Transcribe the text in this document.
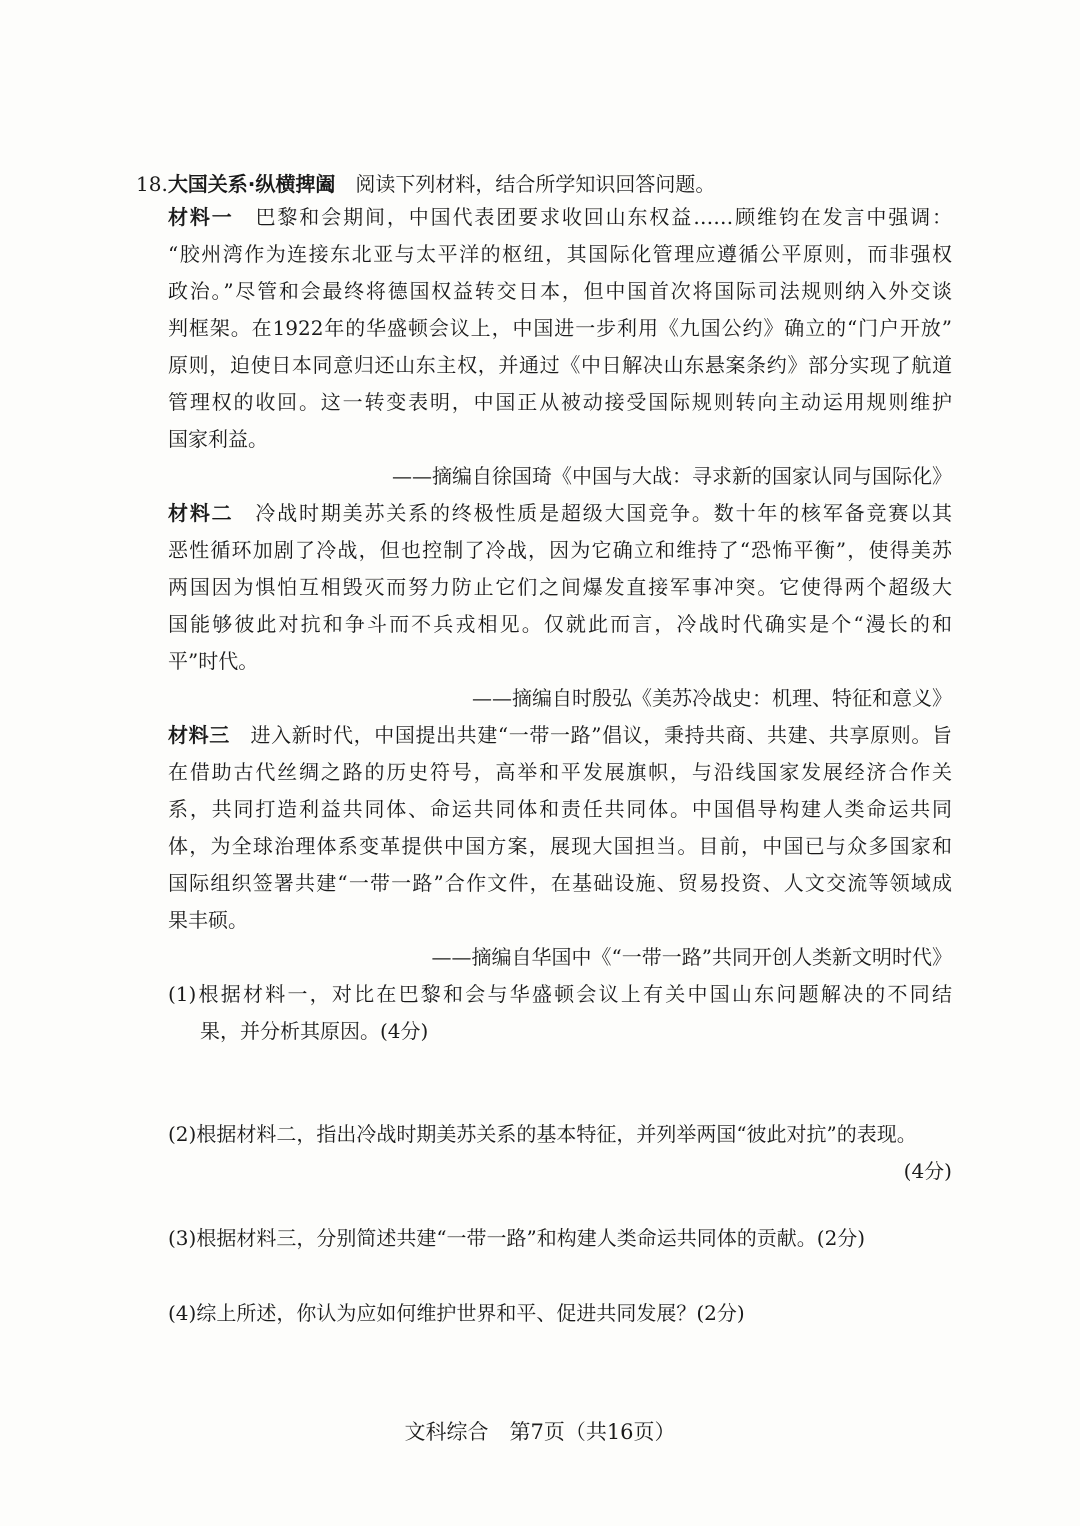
18.大国关系·纵横捭阖　 阅读下列材料，结合所学知识回答问题。
材料一　 巴黎和会期间，中国代表团要求收回山东权益……顾维钧在发言中强调：
“胶州湾作为连接东北亚与太平洋的枢纽，其国际化管理应遵循公平原则，而非强权
政治。”尽管和会最终将德国权益转交日本，但中国首次将国际司法规则纳入外交谈
判框架。在1922年的华盛顿会议上，中国进一步利用《九国公约》确立的“门户开放”
原则，迫使日本同意归还山东主权，并通过《中日解决山东悬案条约》部分实现了航道
管理权的收回。这一转变表明，中国正从被动接受国际规则转向主动运用规则维护
国家利益。
——摘编自徐国琦《中国与大战：寻求新的国家认同与国际化》
材料二　 冷战时期美苏关系的终极性质是超级大国竞争。数十年的核军备竞赛以其
恶性循环加剧了冷战，但也控制了冷战，因为它确立和维持了“恐怖平衡”，使得美苏
两国因为惧怕互相毁灭而努力防止它们之间爆发直接军事冲突。它使得两个超级大
国能够彼此对抗和争斗而不兵戎相见。仅就此而言，冷战时代确实是个“漫长的和
平”时代。
——摘编自时殷弘《美苏冷战史：机理、特征和意义》
材料三　 进入新时代，中国提出共建“一带一路”倡议，秉持共商、共建、共享原则。旨
在借助古代丝绸之路的历史符号，高举和平发展旗帜，与沿线国家发展经济合作关
系，共同打造利益共同体、命运共同体和责任共同体。中国倡导构建人类命运共同
体，为全球治理体系变革提供中国方案，展现大国担当。目前，中国已与众多国家和
国际组织签署共建“一带一路”合作文件，在基础设施、贸易投资、人文交流等领域成
果丰硕。
——摘编自华国中《“一带一路”共同开创人类新文明时代》
(1)根据材料一，对比在巴黎和会与华盛顿会议上有关中国山东问题解决的不同结
果，并分析其原因。(4分)
(2)根据材料二，指出冷战时期美苏关系的基本特征，并列举两国“彼此对抗”的表现。
(4分)
(3)根据材料三，分别简述共建“一带一路”和构建人类命运共同体的贡献。(2分)
(4)综上所述，你认为应如何维护世界和平、促进共同发展？(2分)
文科综合　 第7页（共16页）
